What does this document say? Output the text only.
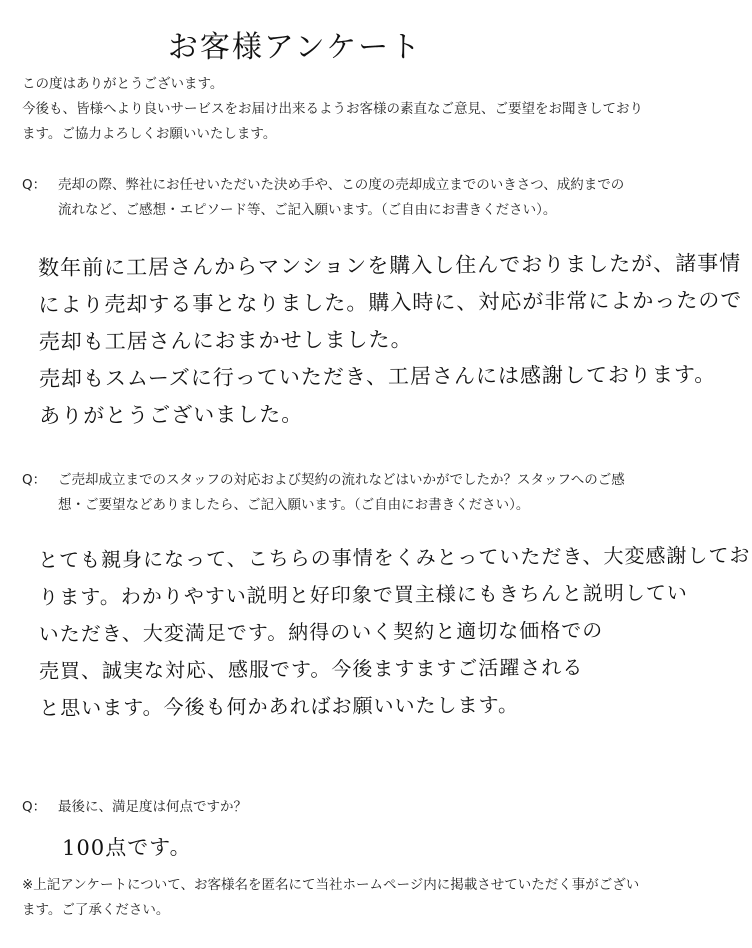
お客様アンケート

この度はありがとうございます。

今後も、皆様へより良いサービスをお届け出来るようお客様の素直なご意見、ご要望をお聞きしております。ご協力よろしくお願いいたします。

Q： 売却の際、弊社にお任せいただいた決め手や、この度の売却成立までのいきさつ、成約までの流れなど、ご感想・エピソード等、ご記入願います。（ご自由にお書きください）。

数年前に工居さんからマンションを購入し住んでおりましたが、諸事情

により売却する事となりました。購入時に、対応が非常によかったので

売却も工居さんにおまかせしました。

売却もスムーズに行っていただき、工居さんには感謝しております。

ありがとうございました。

Q： ご売却成立までのスタッフの対応および契約の流れなどはいかがでしたか？スタッフへのご感想・ご要望などありましたら、ご記入願います。（ご自由にお書きください）。

とても親身になって、こちらの事情をくみとっていただき、大変感謝してお

ります。わかりやすい説明と好印象で買主様にもきちんと説明してい

いただき、大変満足です。納得のいく契約と適切な価格での

売買、誠実な対応、感服です。今後ますますご活躍される

と思います。今後も何かあればお願いいたします。

Q： 最後に、満足度は何点ですか？

100点です。

※上記アンケートについて、お客様名を匿名にて当社ホームページ内に掲載させていただく事がございます。ご了承ください。
